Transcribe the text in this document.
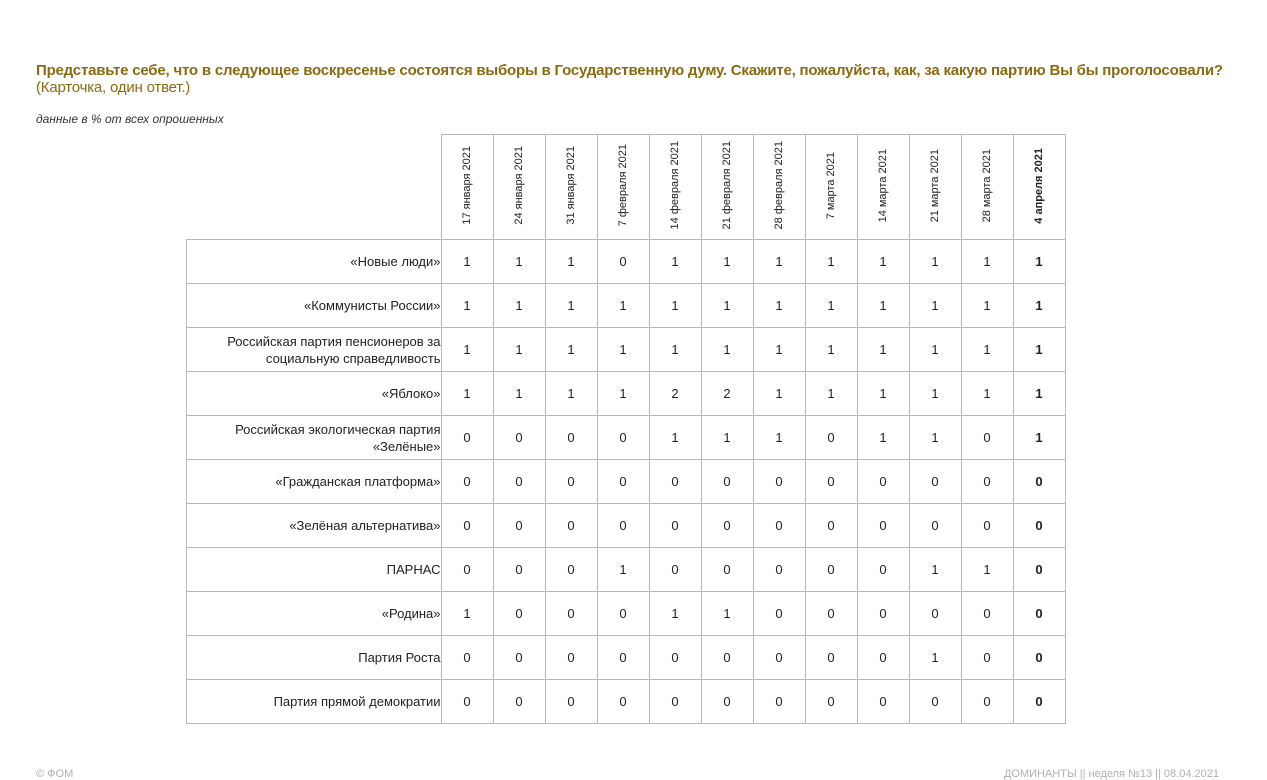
Представьте себе, что в следующее воскресенье состоятся выборы в Государственную думу. Скажите, пожалуйста, как, за какую партию Вы бы проголосовали?
(Карточка, один ответ.)
данные в % от всех опрошенных
	17 января 2021	24 января 2021	31 января 2021	7 февраля 2021	14 февраля 2021	21 февраля 2021	28 февраля 2021	7 марта 2021	14 марта 2021	21 марта 2021	28 марта 2021	4 апреля 2021
«Новые люди»	1	1	1	0	1	1	1	1	1	1	1	1
«Коммунисты России»	1	1	1	1	1	1	1	1	1	1	1	1
Российская партия пенсионеров за социальную справедливость	1	1	1	1	1	1	1	1	1	1	1	1
«Яблоко»	1	1	1	1	2	2	1	1	1	1	1	1
Российская экологическая партия «Зелёные»	0	0	0	0	1	1	1	0	1	1	0	1
«Гражданская платформа»	0	0	0	0	0	0	0	0	0	0	0	0
«Зелёная альтернатива»	0	0	0	0	0	0	0	0	0	0	0	0
ПАРНАС	0	0	0	1	0	0	0	0	0	1	1	0
«Родина»	1	0	0	0	1	1	0	0	0	0	0	0
Партия Роста	0	0	0	0	0	0	0	0	0	1	0	0
Партия прямой демократии	0	0	0	0	0	0	0	0	0	0	0	0
© ФОМ	ДОМИНАНТЫ || неделя №13 || 08.04.2021
